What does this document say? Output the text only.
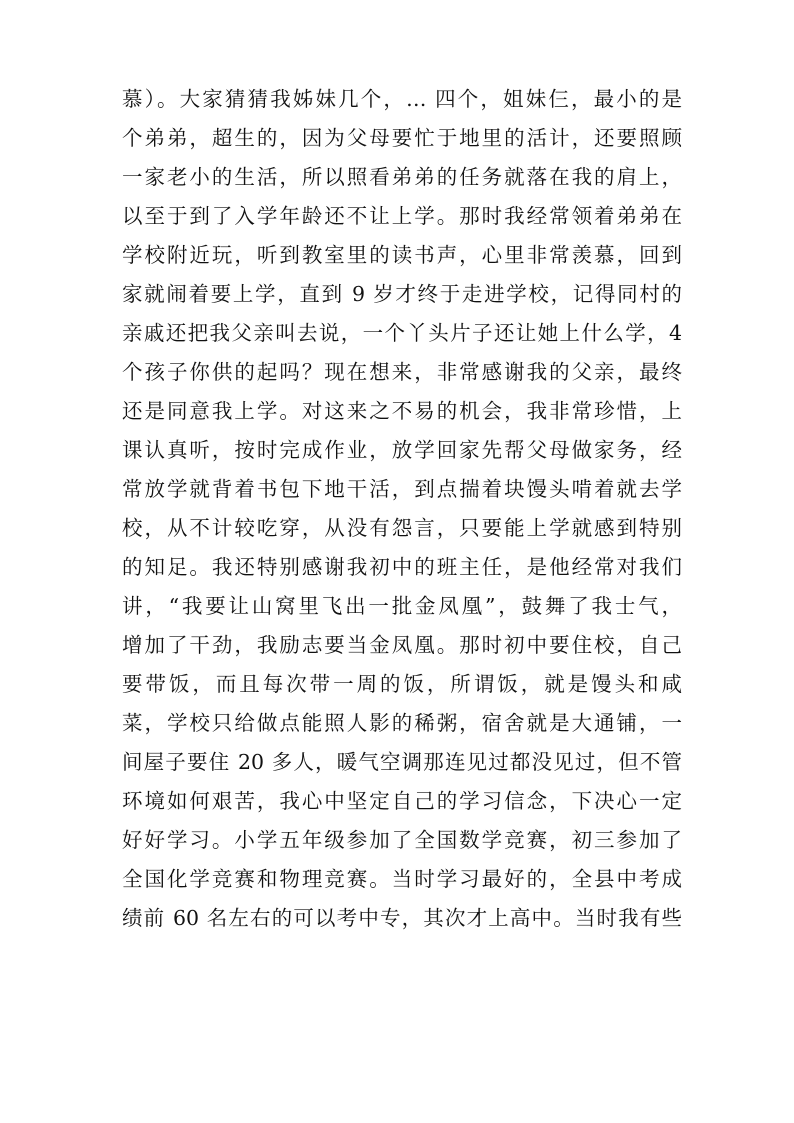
慕）。大家猜猜我姊妹几个，… 四个，姐妹仨，最小的是
个弟弟，超生的，因为父母要忙于地里的活计，还要照顾
一家老小的生活，所以照看弟弟的任务就落在我的肩上，
以至于到了入学年龄还不让上学。那时我经常领着弟弟在
学校附近玩，听到教室里的读书声，心里非常羡慕，回到
家就闹着要上学，直到 9 岁才终于走进学校，记得同村的
亲戚还把我父亲叫去说，一个丫头片子还让她上什么学，4
个孩子你供的起吗？现在想来，非常感谢我的父亲，最终
还是同意我上学。对这来之不易的机会，我非常珍惜，上
课认真听，按时完成作业，放学回家先帮父母做家务，经
常放学就背着书包下地干活，到点揣着块馒头啃着就去学
校，从不计较吃穿，从没有怨言，只要能上学就感到特别
的知足。我还特别感谢我初中的班主任，是他经常对我们
讲，“我要让山窝里飞出一批金凤凰”，鼓舞了我士气，
增加了干劲，我励志要当金凤凰。那时初中要住校，自己
要带饭，而且每次带一周的饭，所谓饭，就是馒头和咸
菜，学校只给做点能照人影的稀粥，宿舍就是大通铺，一
间屋子要住 20 多人，暖气空调那连见过都没见过，但不管
环境如何艰苦，我心中坚定自己的学习信念，下决心一定
好好学习。小学五年级参加了全国数学竞赛，初三参加了
全国化学竞赛和物理竞赛。当时学习最好的，全县中考成
绩前 60 名左右的可以考中专，其次才上高中。当时我有些
